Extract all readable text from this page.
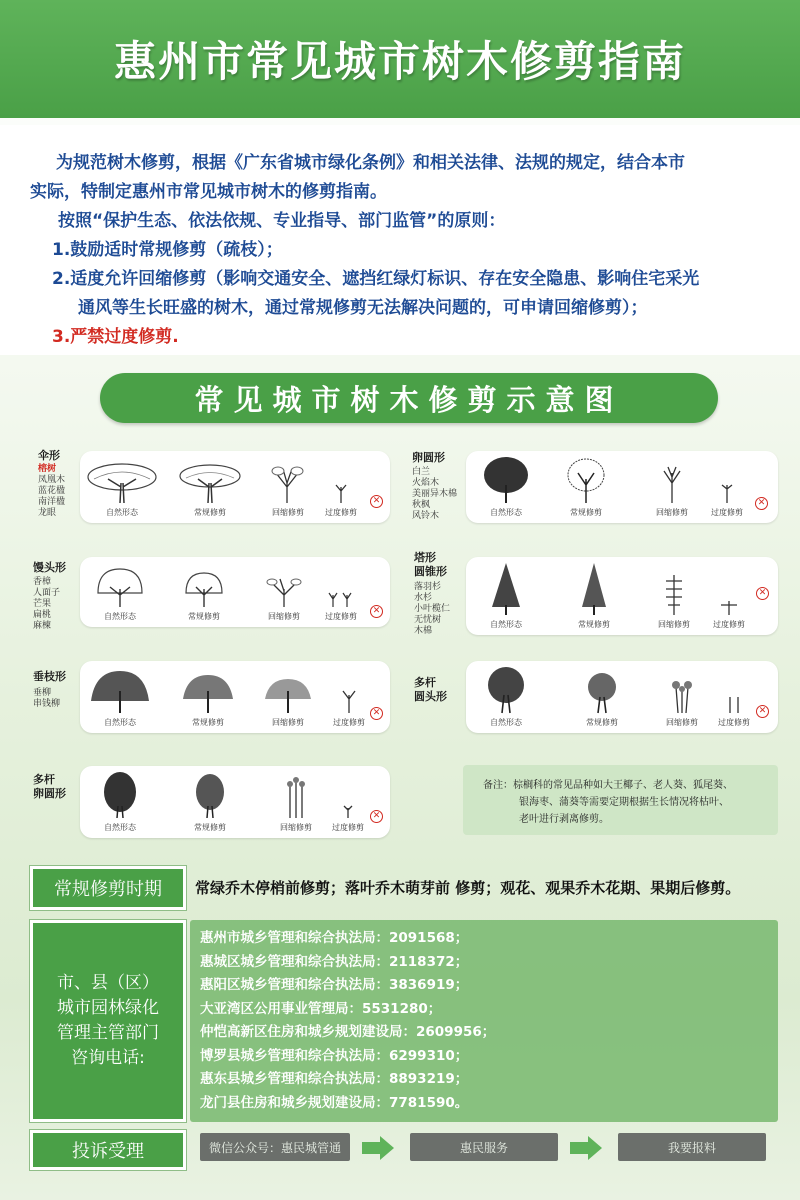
惠州市常见城市树木修剪指南

为规范树木修剪，根据《广东省城市绿化条例》和相关法律、法规的规定，结合本市

实际，特制定惠州市常见城市树木的修剪指南。

按照“保护生态、依法依规、专业指导、部门监管”的原则：

1.鼓励适时常规修剪（疏枝）；

2.适度允许回缩修剪（影响交通安全、遮挡红绿灯标识、存在安全隐患、影响住宅采光

通风等生长旺盛的树木，通过常规修剪无法解决问题的，可申请回缩修剪）；

3.严禁过度修剪.

常见城市树木修剪示意图
伞形
榕树
凤凰木
蓝花楹
南洋楹
龙眼
馒头形
香樟
人面子
芒果
扁桃
麻楝
垂枝形
垂柳
串钱柳
多杆
卵圆形
卵圆形
白兰
火焰木
美丽异木棉
秋枫
风铃木
塔形
圆锥形
落羽杉
水杉
小叶榄仁
无忧树
木棉
多杆
圆头形
自然形态	常规修剪	回缩修剪	过度修剪
✕
自然形态	常规修剪	回缩修剪	过度修剪
✕
自然形态	常规修剪	回缩修剪	过度修剪
✕
自然形态	常规修剪	回缩修剪	过度修剪
✕
自然形态	常规修剪	回缩修剪	过度修剪
✕
自然形态	常规修剪	回缩修剪	过度修剪
✕
自然形态	常规修剪	回缩修剪	过度修剪
✕
备注：棕榈科的常见品种如大王椰子、老人葵、狐尾葵、
银海枣、蒲葵等需要定期根据生长情况将枯叶、
老叶进行剥离修剪。
常规修剪时期	常绿乔木停梢前修剪；落叶乔木萌芽前 修剪；观花、观果乔木花期、果期后修剪。
市、县（区）
城市园林绿化
管理主管部门
咨询电话:
惠州市城乡管理和综合执法局：2091568；
惠城区城乡管理和综合执法局：2118372；
惠阳区城乡管理和综合执法局：3836919；
大亚湾区公用事业管理局：5531280；
仲恺高新区住房和城乡规划建设局：2609956；
博罗县城乡管理和综合执法局：6299310；
惠东县城乡管理和综合执法局：8893219；
龙门县住房和城乡规划建设局：7781590。
投诉受理	微信公众号：惠民城管通	惠民服务	我要报料
